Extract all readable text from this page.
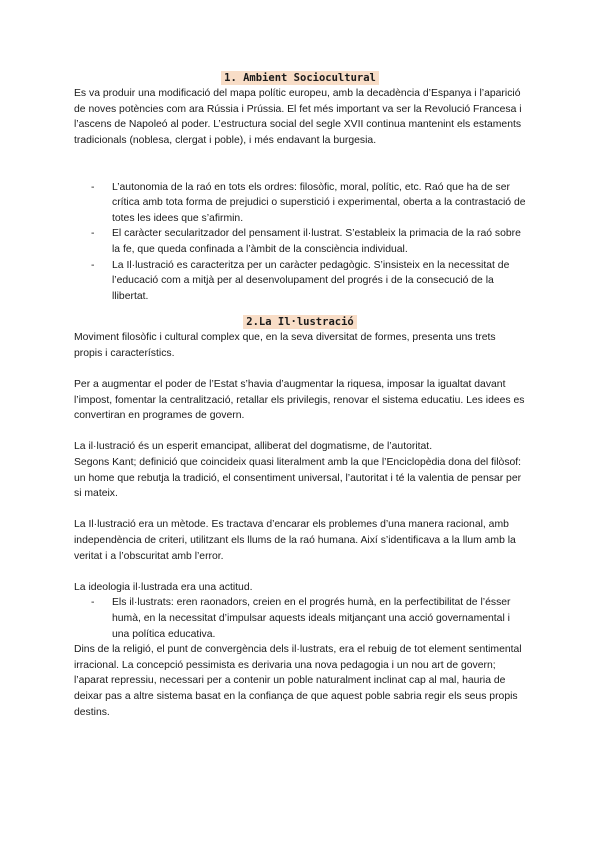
1. Ambient Sociocultural

Es va produir una modificació del mapa polític europeu, amb la decadència d’Espanya i l’aparició de noves potències com ara Rússia i Prússia. El fet més important va ser la Revolució Francesa i l’ascens de Napoleó al poder. L’estructura social del segle XVII continua mantenint els estaments tradicionals (noblesa, clergat i poble), i més endavant la burgesia.

- L’autonomia de la raó en tots els ordres: filosòfic, moral, polític, etc. Raó que ha de ser crítica amb tota forma de prejudici o superstició i experimental, oberta a la contrastació de totes les idees que s’afirmin.
- El caràcter secularitzador del pensament il·lustrat. S’estableix la primacia de la raó sobre la fe, que queda confinada a l’àmbit de la consciència individual.
- La Il·lustració es caracteritza per un caràcter pedagògic. S’insisteix en la necessitat de l’educació com a mitjà per al desenvolupament del progrés i de la consecució de la llibertat.
2.La Il·lustració

Moviment filosòfic i cultural complex que, en la seva diversitat de formes, presenta uns trets propis i característics.

Per a augmentar el poder de l’Estat s’havia d’augmentar la riquesa, imposar la igualtat davant l’impost, fomentar la centralització, retallar els privilegis, renovar el sistema educatiu. Les idees es convertiran en programes de govern.

La il·lustració és un esperit emancipat, alliberat del dogmatisme, de l’autoritat.

Segons Kant; definició que coincideix quasi literalment amb la que l’Enciclopèdia dona del filòsof: un home que rebutja la tradició, el consentiment universal, l’autoritat i té la valentia de pensar per si mateix.

La Il·lustració era un mètode. Es tractava d’encarar els problemes d’una manera racional, amb independència de criteri, utilitzant els llums de la raó humana. Així s’identificava a la llum amb la veritat i a l’obscuritat amb l’error.

La ideologia il·lustrada era una actitud.

- Els il·lustrats: eren raonadors, creien en el progrés humà, en la perfectibilitat de l’ésser humà, en la necessitat d’impulsar aquests ideals mitjançant una acció governamental i una política educativa.

Dins de la religió, el punt de convergència dels il·lustrats, era el rebuig de tot element sentimental irracional. La concepció pessimista es derivaria una nova pedagogia i un nou art de govern; l’aparat repressiu, necessari per a contenir un poble naturalment inclinat cap al mal, hauria de deixar pas a altre sistema basat en la confiança de que aquest poble sabria regir els seus propis destins.
